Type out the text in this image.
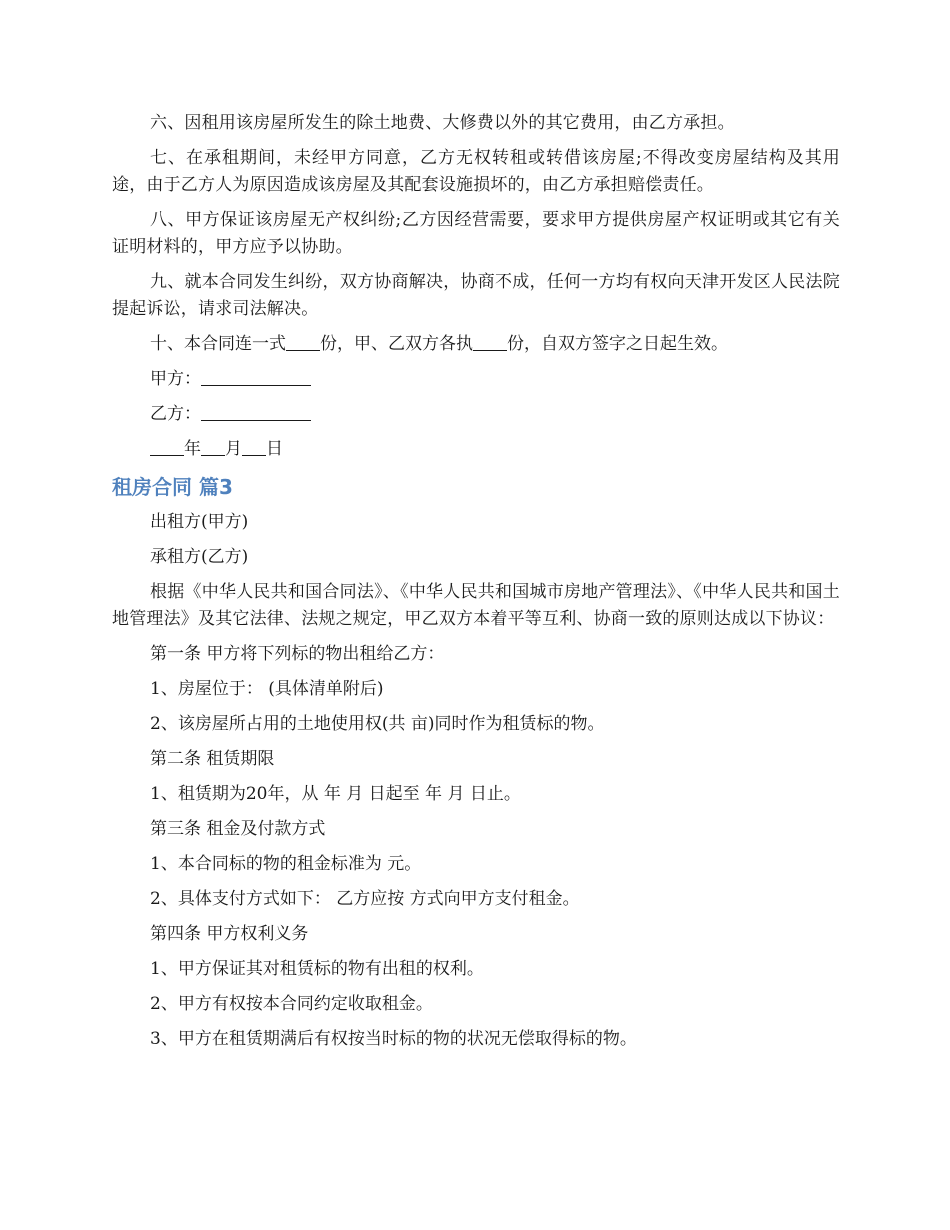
六、因租用该房屋所发生的除土地费、大修费以外的其它费用，由乙方承担。

七、在承租期间，未经甲方同意，乙方无权转租或转借该房屋;不得改变房屋结构及其用途，由于乙方人为原因造成该房屋及其配套设施损坏的，由乙方承担赔偿责任。

八、甲方保证该房屋无产权纠纷;乙方因经营需要，要求甲方提供房屋产权证明或其它有关证明材料的，甲方应予以协助。

九、就本合同发生纠纷，双方协商解决，协商不成，任何一方均有权向天津开发区人民法院提起诉讼，请求司法解决。

十、本合同连一式 份，甲、乙双方各执 份，自双方签字之日起生效。

甲方：

乙方：

年 月 日

租房合同 篇3

出租方(甲方)

承租方(乙方)

根据《中华人民共和国合同法》、《中华人民共和国城市房地产管理法》、《中华人民共和国土地管理法》及其它法律、法规之规定，甲乙双方本着平等互利、协商一致的原则达成以下协议：

第一条 甲方将下列标的物出租给乙方：

1、房屋位于： (具体清单附后)

2、该房屋所占用的土地使用权(共 亩)同时作为租赁标的物。

第二条 租赁期限

1、租赁期为20年，从 年 月 日起至 年 月 日止。

第三条 租金及付款方式

1、本合同标的物的租金标准为 元。

2、具体支付方式如下： 乙方应按 方式向甲方支付租金。

第四条 甲方权利义务

1、甲方保证其对租赁标的物有出租的权利。

2、甲方有权按本合同约定收取租金。

3、甲方在租赁期满后有权按当时标的物的状况无偿取得标的物。
